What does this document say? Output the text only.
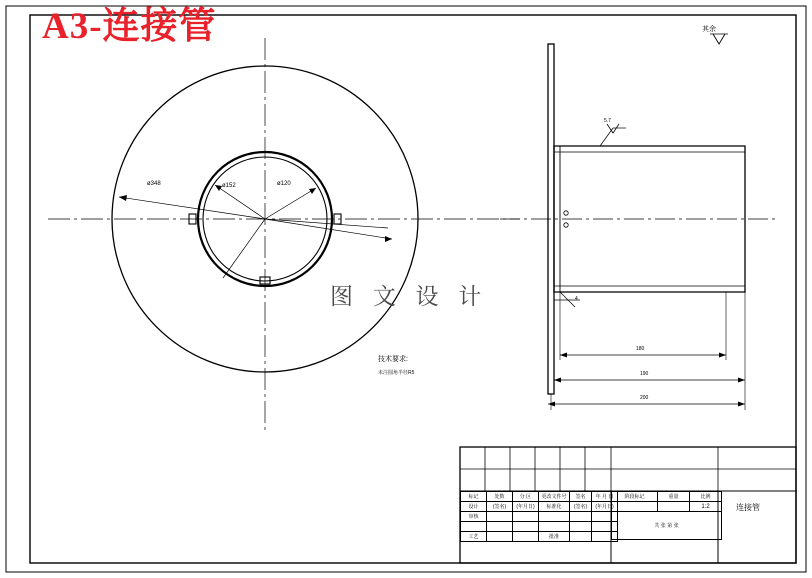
A3-连接管
图 文 设 计
ø348	ø152	ø120
4
180
190
200
5.7
其余
技术要求:
未注圆角半径R5
标记	处数	分 区	更改文件号	签名	年 月 日
设计	(签名)	(年月日)	标准化	(签名)	(年月日)
审核					

工艺			批准		
阶段标记	重量	比例
		1:2
共 张 第 张		
连接管
